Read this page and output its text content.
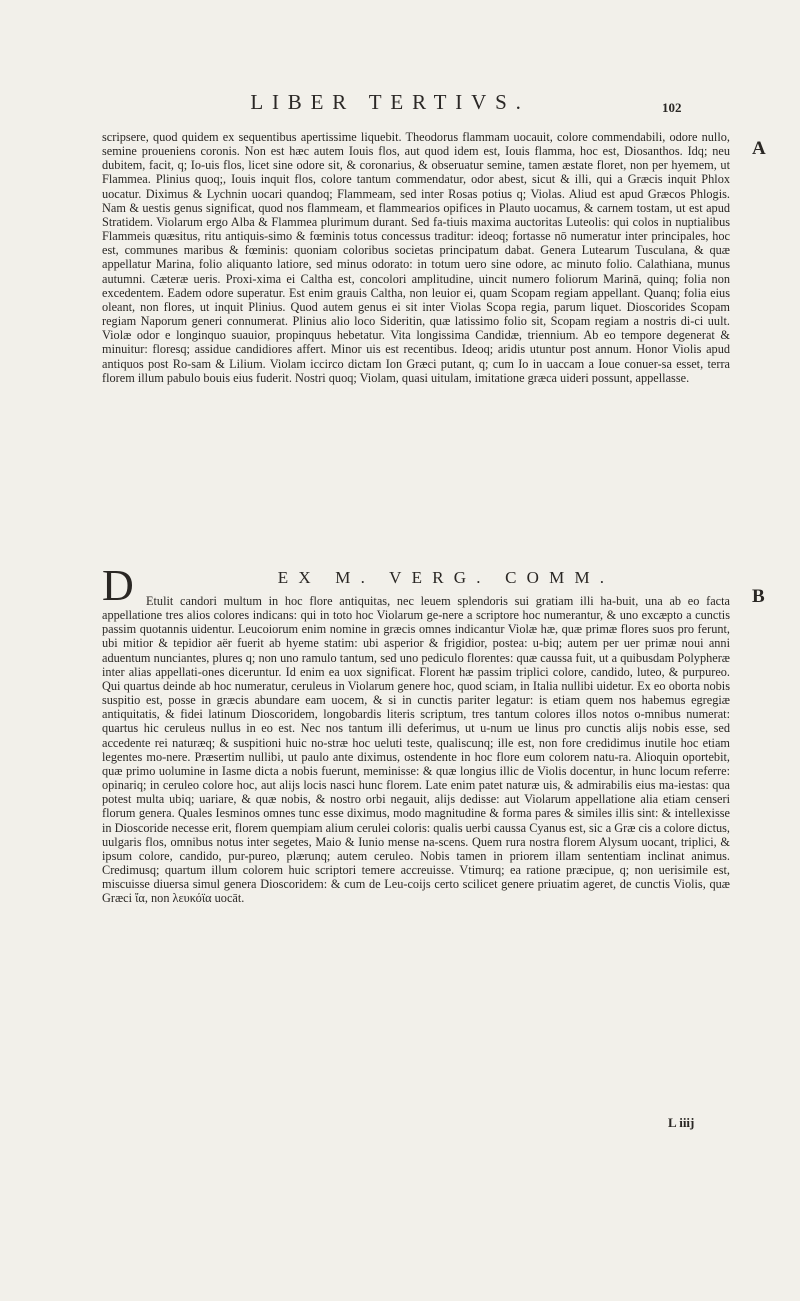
LIBER TERTIVS.	102
A
B

scripsere, quod quidem ex sequentibus apertissime liquebit. Theodorus flammam uocauit, colore commendabili, odore nullo, semine proueniens coronis. Non est hæc autem Iouis flos, aut quod idem est, Iouis flamma, hoc est, Diosanthos. Idq; neu dubitem, facit, q; Io-uis flos, licet sine odore sit, & coronarius, & obseruatur semine, tamen æstate floret, non per hyemem, ut Flammea. Plinius quoq;, Iouis inquit flos, colore tantum commendatur, odor abest, sicut & illi, qui a Græcis inquit Phlox uocatur. Diximus & Lychnin uocari quandoq; Flammeam, sed inter Rosas potius q; Violas. Aliud est apud Græcos Phlogis. Nam & uestis genus significat, quod nos flammeam, et flammearios opifices in Plauto uocamus, & carnem tostam, ut est apud Stratidem. Violarum ergo Alba & Flammea plurimum durant. Sed fa-tiuis maxima auctoritas Luteolis: qui colos in nuptialibus Flammeis quæsitus, ritu antiquis-simo & fœminis totus concessus traditur: ideoq; fortasse nō numeratur inter principales, hoc est, communes maribus & fœminis: quoniam coloribus societas principatum dabat. Genera Lutearum Tusculana, & quæ appellatur Marina, folio aliquanto latiore, sed minus odorato: in totum uero sine odore, ac minuto folio. Calathiana, munus autumni. Cæteræ ueris. Proxi-xima ei Caltha est, concolori amplitudine, uincit numero foliorum Marinā, quinq; folia non excedentem. Eadem odore superatur. Est enim grauis Caltha, non leuior ei, quam Scopam regiam appellant. Quanq; folia eius oleant, non flores, ut inquit Plinius. Quod autem genus ei sit inter Violas Scopa regia, parum liquet. Dioscorides Scopam regiam Naporum generi connumerat. Plinius alio loco Sideritin, quæ latissimo folio sit, Scopam regiam a nostris di-ci uult. Violæ odor e longinquo suauior, propinquus hebetatur. Vita longissima Candidæ, triennium. Ab eo tempore degenerat & minuitur: floresq; assidue candidiores affert. Minor uis est recentibus. Ideoq; aridis utuntur post annum. Honor Violis apud antiquos post Ro-sam & Lilium. Violam iccirco dictam Ion Græci putant, q; cum Io in uaccam a Ioue conuer-sa esset, terra florem illum pabulo bouis eius fuderit. Nostri quoq; Violam, quasi uitulam, imitatione græca uideri possunt, appellasse.

D	EX M. VERG. COMM.

Etulit candori multum in hoc flore antiquitas, nec leuem splendoris sui gratiam illi ha-buit, una ab eo facta appellatione tres alios colores indicans: qui in toto hoc Violarum ge-nere a scriptore hoc numerantur, & uno excæpto a cunctis passim quotannis uidentur. Leucoiorum enim nomine in græcis omnes indicantur Violæ hæ, quæ primæ flores suos pro ferunt, ubi mitior & tepidior aër fuerit ab hyeme statim: ubi asperior & frigidior, postea: u-biq; autem per uer primæ noui anni aduentum nunciantes, plures q; non uno ramulo tantum, sed uno pediculo florentes: quæ caussa fuit, ut a quibusdam Polypheræ inter alias appellati-ones diceruntur. Id enim ea uox significat. Florent hæ passim triplici colore, candido, luteo, & purpureo. Qui quartus deinde ab hoc numeratur, ceruleus in Violarum genere hoc, quod sciam, in Italia nullibi uidetur. Ex eo oborta nobis suspitio est, posse in græcis abundare eam uocem, & si in cunctis pariter legatur: is etiam quem nos habemus egregiæ antiquitatis, & fidei latinum Dioscoridem, longobardis literis scriptum, tres tantum colores illos notos o-mnibus numerat: quartus hic ceruleus nullus in eo est. Nec nos tantum illi deferimus, ut u-num ue linus pro cunctis alijs nobis esse, sed accedente rei naturæq; & suspitioni huic no-stræ hoc ueluti teste, qualiscunq; ille est, non fore credidimus inutile hoc etiam legentes mo-nere. Præsertim nullibi, ut paulo ante diximus, ostendente in hoc flore eum colorem natu-ra. Alioquin oportebit, quæ primo uolumine in Iasme dicta a nobis fuerunt, meminisse: & quæ longius illic de Violis docentur, in hunc locum referre: opinariq; in ceruleo colore hoc, aut alijs locis nasci hunc florem. Late enim patet naturæ uis, & admirabilis eius ma-iestas: qua potest multa ubiq; uariare, & quæ nobis, & nostro orbi negauit, alijs dedisse: aut Violarum appellatione alia etiam censeri florum genera. Quales Iesminos omnes tunc esse diximus, modo magnitudine & forma pares & similes illis sint: & intellexisse in Dioscoride necesse erit, florem quempiam alium cerulei coloris: qualis uerbi caussa Cyanus est, sic a Græ cis a colore dictus, uulgaris flos, omnibus notus inter segetes, Maio & Iunio mense na-scens. Quem rura nostra florem Alysum uocant, triplici, & ipsum colore, candido, pur-pureo, plærunq; autem ceruleo. Nobis tamen in priorem illam sententiam inclinat animus. Credimusq; quartum illum colorem huic scriptori temere accreuisse. Vtimurq; ea ratione præcipue, q; non uerisimile est, miscuisse diuersa simul genera Dioscoridem: & cum de Leu-coijs certo scilicet genere priuatim ageret, de cunctis Violis, quæ Græci ἴα, non λευκόϊα uocāt.

L iiij
